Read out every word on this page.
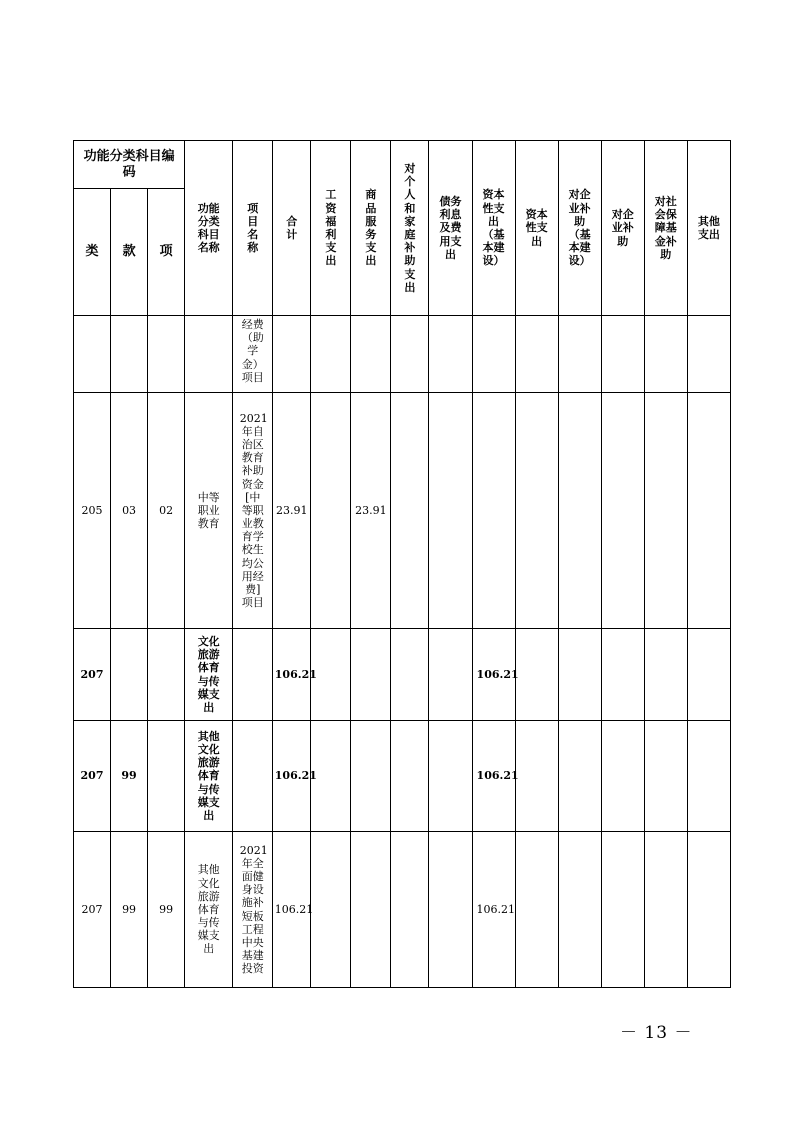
功能分类科目编码			功能分类科目名称	项目名称	合计	工资福利支出	商品服务支出	对个人和家庭补助支出	债务利息及费用支出	资本性支出（基本建设）	资本性支出	对企业补助（基本建设）	对企业补助	对社会保障基金补助	其他支出

类	款	项													

				经费（助学金）项目											

205	03	02	中等职业教育	2021年自治区教育补助资金[中等职业教育学校生均公用经费]项目	23.91		23.91								

207			文化旅游体育与传媒支出		106.21					106.21					

207	99		其他文化旅游体育与传媒支出		106.21					106.21					

207	99	99	其他文化旅游体育与传媒支出	2021年全面健身设施补短板工程中央基建投资	106.21					106.21					

－ 13 －
